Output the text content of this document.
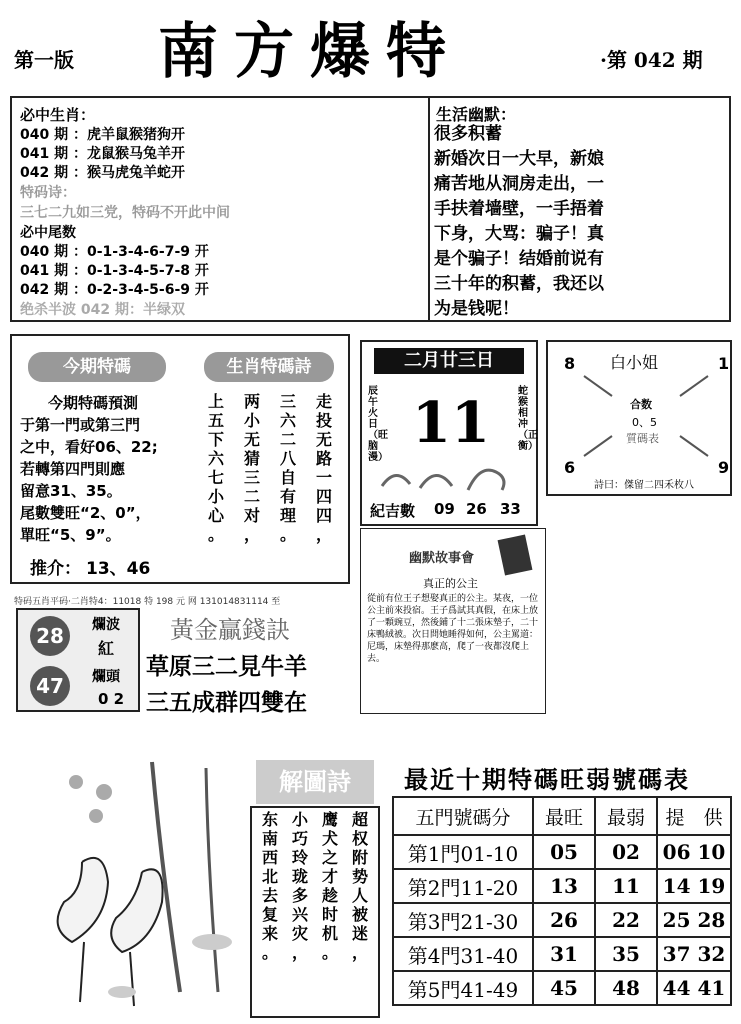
第一版 南方爆特	·第 042 期
必中生肖：
040 期 ：虎羊鼠猴猪狗开
041 期 ：龙鼠猴马兔羊开
042 期 ：猴马虎兔羊蛇开
特码诗：
三七二九如三党，特码不开此中间
必中尾数
040 期 ：0-1-3-4-6-7-9 开
041 期 ：0-1-3-4-5-7-8 开
042 期 ：0-2-3-4-5-6-9 开
绝杀半波 042 期：半绿双
生活幽默：
很多积蓄
新婚次日一大早，新娘
痛苦地从洞房走出，一
手扶着墙壁，一手捂着
下身，大骂：骗子！真
是个骗子！结婚前说有
三十年的积蓄，我还以
为是钱呢！
今期特碼
今期特碼預測
于第一門或第三門
之中，看好06、22;
若轉第四門則應
留意31、35。
尾數雙旺“2、0”，
單旺“5、9”。
推介： 13、46
生肖特碼詩
走
投
无
路
一
四
四
，
三
六
二
八
自
有
理
。
两
小
无
猜
三
二
对
，
上
五
下
六
七
小
心
。
二月廿三日
辰午火日（旺脑漫）
蛇猴相冲（正衡）
11
紀吉數 09 26 33
白小姐
8	1
6	9
合数
0、5
質碼表
詩曰：傑留二四禾枚八
特码五肖平码·二肖特4：11018 特 198 元 网 131014831114 至
28	爛波
紅
47	爛頭
0 2
黃金贏錢訣
草原三二見牛羊
三五成群四雙在
幽默故事會
真正的公主
從前有位王子想娶真正的公主。某夜，一位公主前來投宿。王子爲試其真假，在床上放了一顆豌豆，然後鋪了十二張床墊子，二十床鴨絨被。次日問她睡得如何，公主罵道：尼瑪，床墊得那麽高，爬了一夜都沒爬上去。
解圖詩
超
权
附
势
人
被
迷
，
鹰
犬
之
才
趁
时
机
。
小
巧
玲
珑
多
兴
灾
，
东
南
西
北
去
复
来
。
最近十期特碼旺弱號碼表
五門號碼分	最旺	最弱	提　供
第1門01-10	05	02	06 10
第2門11-20	13	11	14 19
第3門21-30	26	22	25 28
第4門31-40	31	35	37 32
第5門41-49	45	48	44 41
